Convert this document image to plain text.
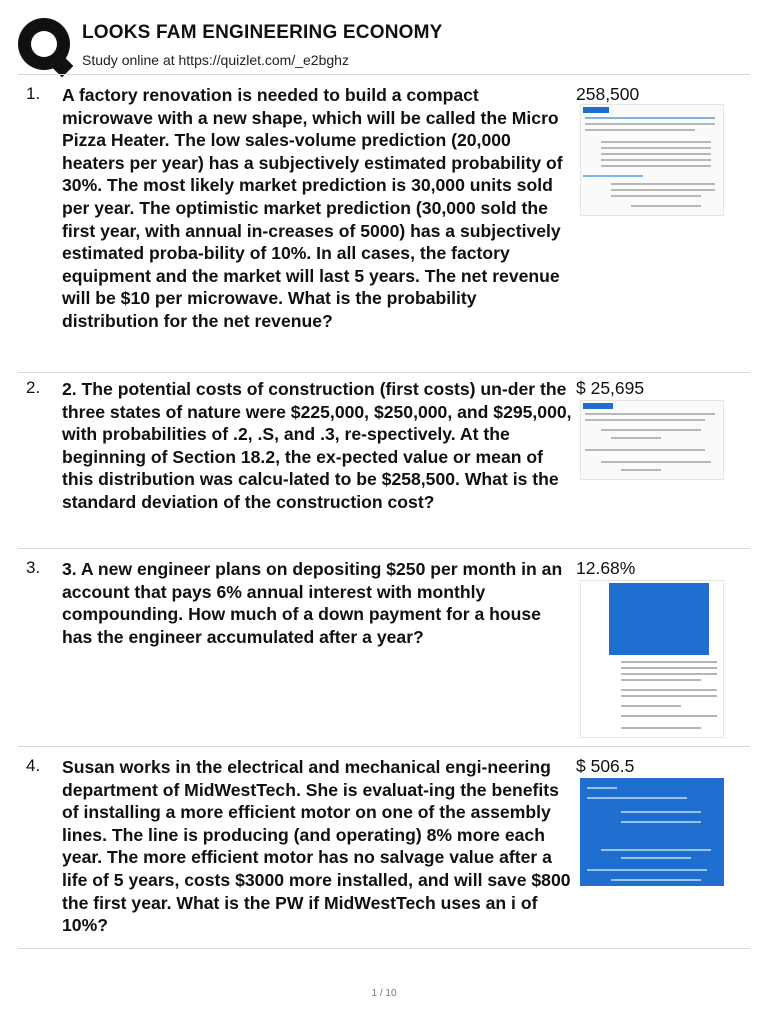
LOOKS FAM ENGINEERING ECONOMY
Study online at https://quizlet.com/_e2bghz
1. A factory renovation is needed to build a compact microwave with a new shape, which will be called the Micro Pizza Heater. The low sales-volume prediction (20,000 heaters per year) has a subjectively estimated probability of 30%. The most likely market prediction is 30,000 units sold per year. The optimistic market prediction (30,000 sold the first year, with annual in-creases of 5000) has a subjectively estimated proba-bility of 10%. In all cases, the factory equipment and the market will last 5 years. The net revenue will be $10 per microwave. What is the probability distribution for the net revenue?
258,500
2. 2. The potential costs of construction (first costs) un-der the three states of nature were $225,000, $250,000, and $295,000, with probabilities of .2, .S, and .3, re-spectively. At the beginning of Section 18.2, the ex-pected value or mean of this distribution was calcu-lated to be $258,500. What is the standard deviation of the construction cost?
$ 25,695
3. 3. A new engineer plans on depositing $250 per month in an account that pays 6% annual interest with monthly compounding. How much of a down payment for a house has the engineer accumulated after a year?
12.68%
4. Susan works in the electrical and mechanical engi-neering department of MidWestTech. She is evaluat-ing the benefits of installing a more efficient motor on one of the assembly lines. The line is producing (and operating) 8% more each year. The more efficient motor has no salvage value after a life of 5 years, costs $3000 more installed, and will save $800 the first year. What is the PW if MidWestTech uses an i of 10%?
$ 506.5
1 / 10
